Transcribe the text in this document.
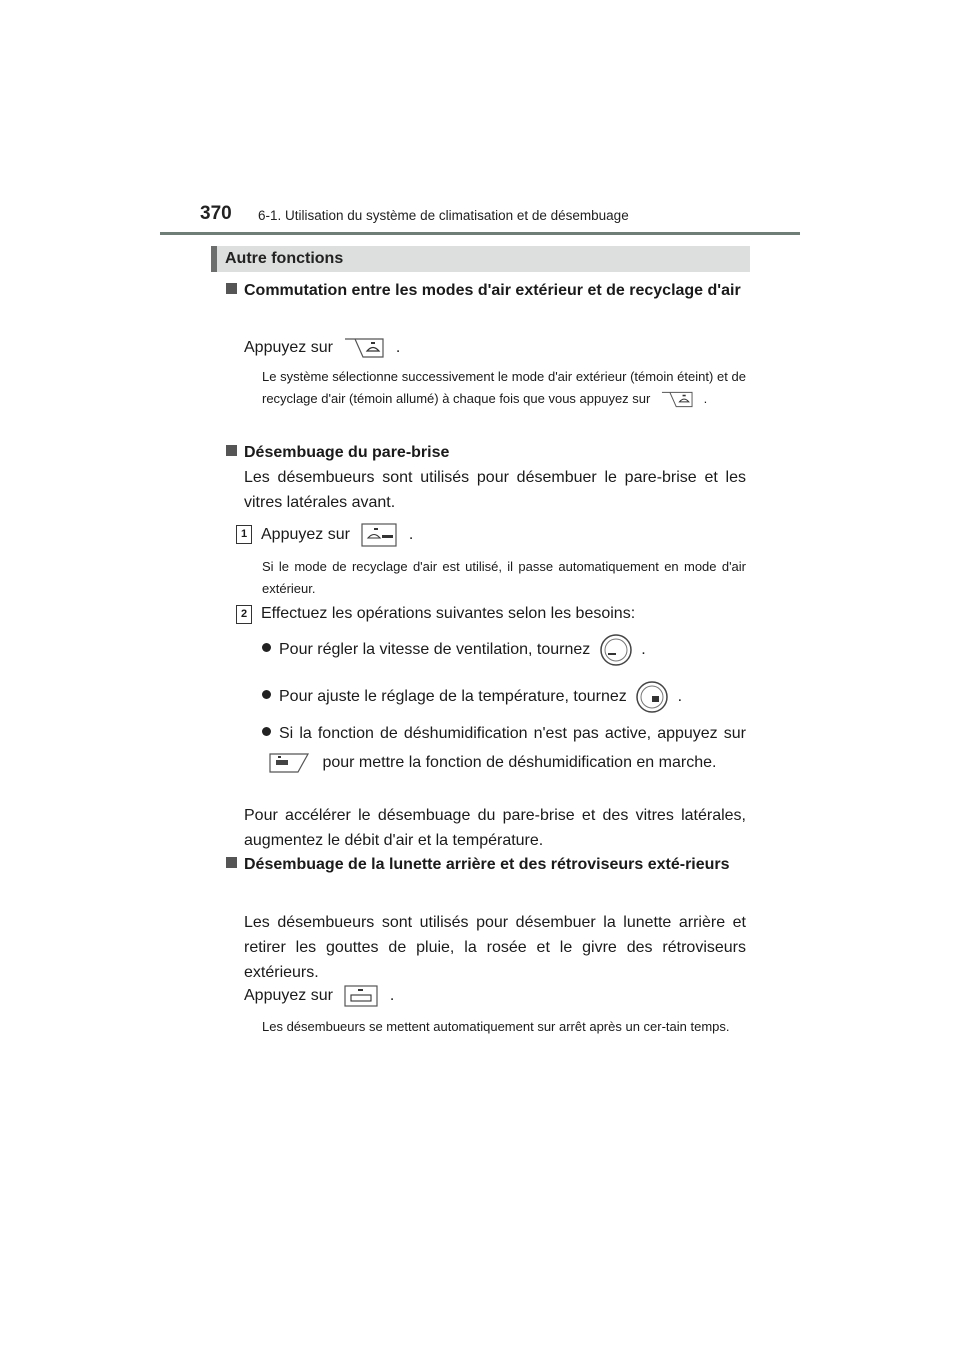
370 6-1. Utilisation du système de climatisation et de désembuage
Autre fonctions
Commutation entre les modes d'air extérieur et de recyclage d'air
Appuyez sur	.
Le système sélectionne successivement le mode d'air extérieur (témoin éteint) et de recyclage d'air (témoin allumé) à chaque fois que vous appuyez sur	.
Désembuage du pare-brise
Les désembueurs sont utilisés pour désembuer le pare-brise et les vitres latérales avant.
1 Appuyez sur	.
Si le mode de recyclage d'air est utilisé, il passe automatiquement en mode d'air extérieur.
2 Effectuez les opérations suivantes selon les besoins:
Pour régler la vitesse de ventilation, tournez	.
Pour ajuste le réglage de la température, tournez	.
Si la fonction de déshumidification n'est pas active, appuyez sur  pour mettre la fonction de déshumidification en marche.
Pour accélérer le désembuage du pare-brise et des vitres latérales, augmentez le débit d'air et la température.
Désembuage de la lunette arrière et des rétroviseurs exté-rieurs
Les désembueurs sont utilisés pour désembuer la lunette arrière et retirer les gouttes de pluie, la rosée et le givre des rétroviseurs extérieurs.
Appuyez sur	.
Les désembueurs se mettent automatiquement sur arrêt après un cer-tain temps.
